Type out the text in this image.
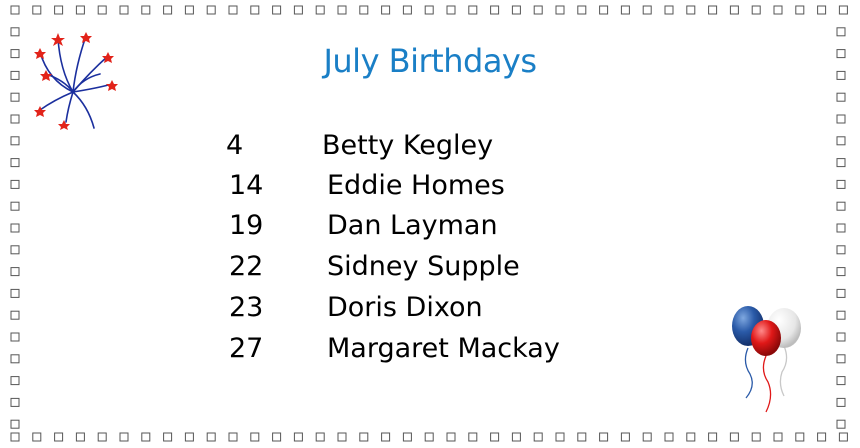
July Birthdays
4	Betty Kegley
14	Eddie Homes
19	Dan Layman
22	Sidney Supple
23	Doris Dixon
27	Margaret Mackay
